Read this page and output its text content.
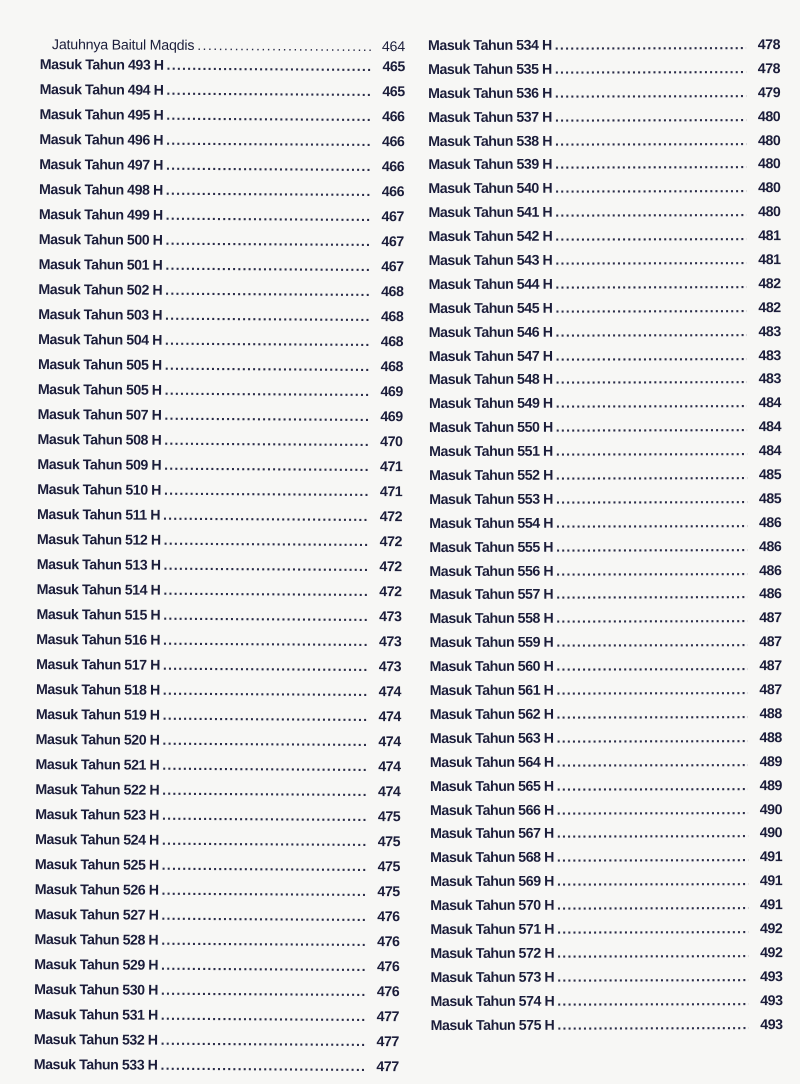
Jatuhnya Baitul Maqdis .....	464
Masuk Tahun 493 H .....	465
Masuk Tahun 494 H .....	465
Masuk Tahun 495 H .....	466
Masuk Tahun 496 H .....	466
Masuk Tahun 497 H .....	466
Masuk Tahun 498 H .....	466
Masuk Tahun 499 H .....	467
Masuk Tahun 500 H .....	467
Masuk Tahun 501 H .....	467
Masuk Tahun 502 H .....	468
Masuk Tahun 503 H .....	468
Masuk Tahun 504 H .....	468
Masuk Tahun 505 H .....	468
Masuk Tahun 505 H .....	469
Masuk Tahun 507 H .....	469
Masuk Tahun 508 H .....	470
Masuk Tahun 509 H .....	471
Masuk Tahun 510 H .....	471
Masuk Tahun 511 H .....	472
Masuk Tahun 512 H .....	472
Masuk Tahun 513 H .....	472
Masuk Tahun 514 H .....	472
Masuk Tahun 515 H .....	473
Masuk Tahun 516 H .....	473
Masuk Tahun 517 H .....	473
Masuk Tahun 518 H .....	474
Masuk Tahun 519 H .....	474
Masuk Tahun 520 H .....	474
Masuk Tahun 521 H .....	474
Masuk Tahun 522 H .....	474
Masuk Tahun 523 H .....	475
Masuk Tahun 524 H .....	475
Masuk Tahun 525 H .....	475
Masuk Tahun 526 H .....	475
Masuk Tahun 527 H .....	476
Masuk Tahun 528 H .....	476
Masuk Tahun 529 H .....	476
Masuk Tahun 530 H .....	476
Masuk Tahun 531 H .....	477
Masuk Tahun 532 H .....	477
Masuk Tahun 533 H .....	477
Masuk Tahun 534 H .....	478
Masuk Tahun 535 H .....	478
Masuk Tahun 536 H .....	479
Masuk Tahun 537 H .....	480
Masuk Tahun 538 H .....	480
Masuk Tahun 539 H .....	480
Masuk Tahun 540 H .....	480
Masuk Tahun 541 H .....	480
Masuk Tahun 542 H .....	481
Masuk Tahun 543 H .....	481
Masuk Tahun 544 H .....	482
Masuk Tahun 545 H .....	482
Masuk Tahun 546 H .....	483
Masuk Tahun 547 H .....	483
Masuk Tahun 548 H .....	483
Masuk Tahun 549 H .....	484
Masuk Tahun 550 H .....	484
Masuk Tahun 551 H .....	484
Masuk Tahun 552 H .....	485
Masuk Tahun 553 H .....	485
Masuk Tahun 554 H .....	486
Masuk Tahun 555 H .....	486
Masuk Tahun 556 H .....	486
Masuk Tahun 557 H .....	486
Masuk Tahun 558 H .....	487
Masuk Tahun 559 H .....	487
Masuk Tahun 560 H .....	487
Masuk Tahun 561 H .....	487
Masuk Tahun 562 H .....	488
Masuk Tahun 563 H .....	488
Masuk Tahun 564 H .....	489
Masuk Tahun 565 H .....	489
Masuk Tahun 566 H .....	490
Masuk Tahun 567 H .....	490
Masuk Tahun 568 H .....	491
Masuk Tahun 569 H .....	491
Masuk Tahun 570 H .....	491
Masuk Tahun 571 H .....	492
Masuk Tahun 572 H .....	492
Masuk Tahun 573 H .....	493
Masuk Tahun 574 H .....	493
Masuk Tahun 575 H .....	493
